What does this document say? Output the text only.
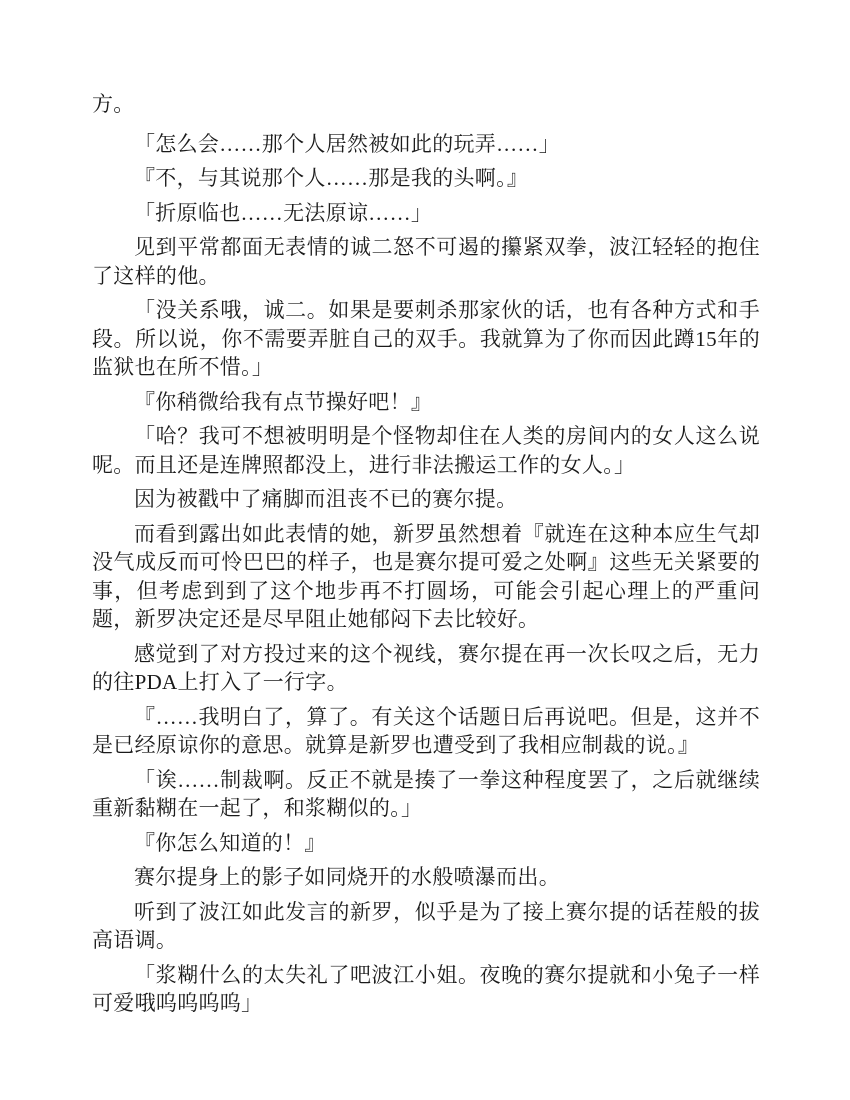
方。

「怎么会……那个人居然被如此的玩弄……」

『不，与其说那个人……那是我的头啊。』

「折原临也……无法原谅……」

见到平常都面无表情的诚二怒不可遏的攥紧双拳，波江轻轻的抱住了这样的他。

「没关系哦，诚二。如果是要刺杀那家伙的话，也有各种方式和手段。所以说，你不需要弄脏自己的双手。我就算为了你而因此蹲15年的监狱也在所不惜。」

『你稍微给我有点节操好吧！』

「哈？我可不想被明明是个怪物却住在人类的房间内的女人这么说呢。而且还是连牌照都没上，进行非法搬运工作的女人。」

因为被戳中了痛脚而沮丧不已的赛尔提。

而看到露出如此表情的她，新罗虽然想着『就连在这种本应生气却没气成反而可怜巴巴的样子，也是赛尔提可爱之处啊』这些无关紧要的事，但考虑到到了这个地步再不打圆场，可能会引起心理上的严重问题，新罗决定还是尽早阻止她郁闷下去比较好。

感觉到了对方投过来的这个视线，赛尔提在再一次长叹之后，无力的往PDA上打入了一行字。

『……我明白了，算了。有关这个话题日后再说吧。但是，这并不是已经原谅你的意思。就算是新罗也遭受到了我相应制裁的说。』

「诶……制裁啊。反正不就是揍了一拳这种程度罢了，之后就继续重新黏糊在一起了，和浆糊似的。」

『你怎么知道的！』

赛尔提身上的影子如同烧开的水般喷瀑而出。

听到了波江如此发言的新罗，似乎是为了接上赛尔提的话茬般的拔高语调。

「浆糊什么的太失礼了吧波江小姐。夜晚的赛尔提就和小兔子一样可爱哦呜呜呜呜」
